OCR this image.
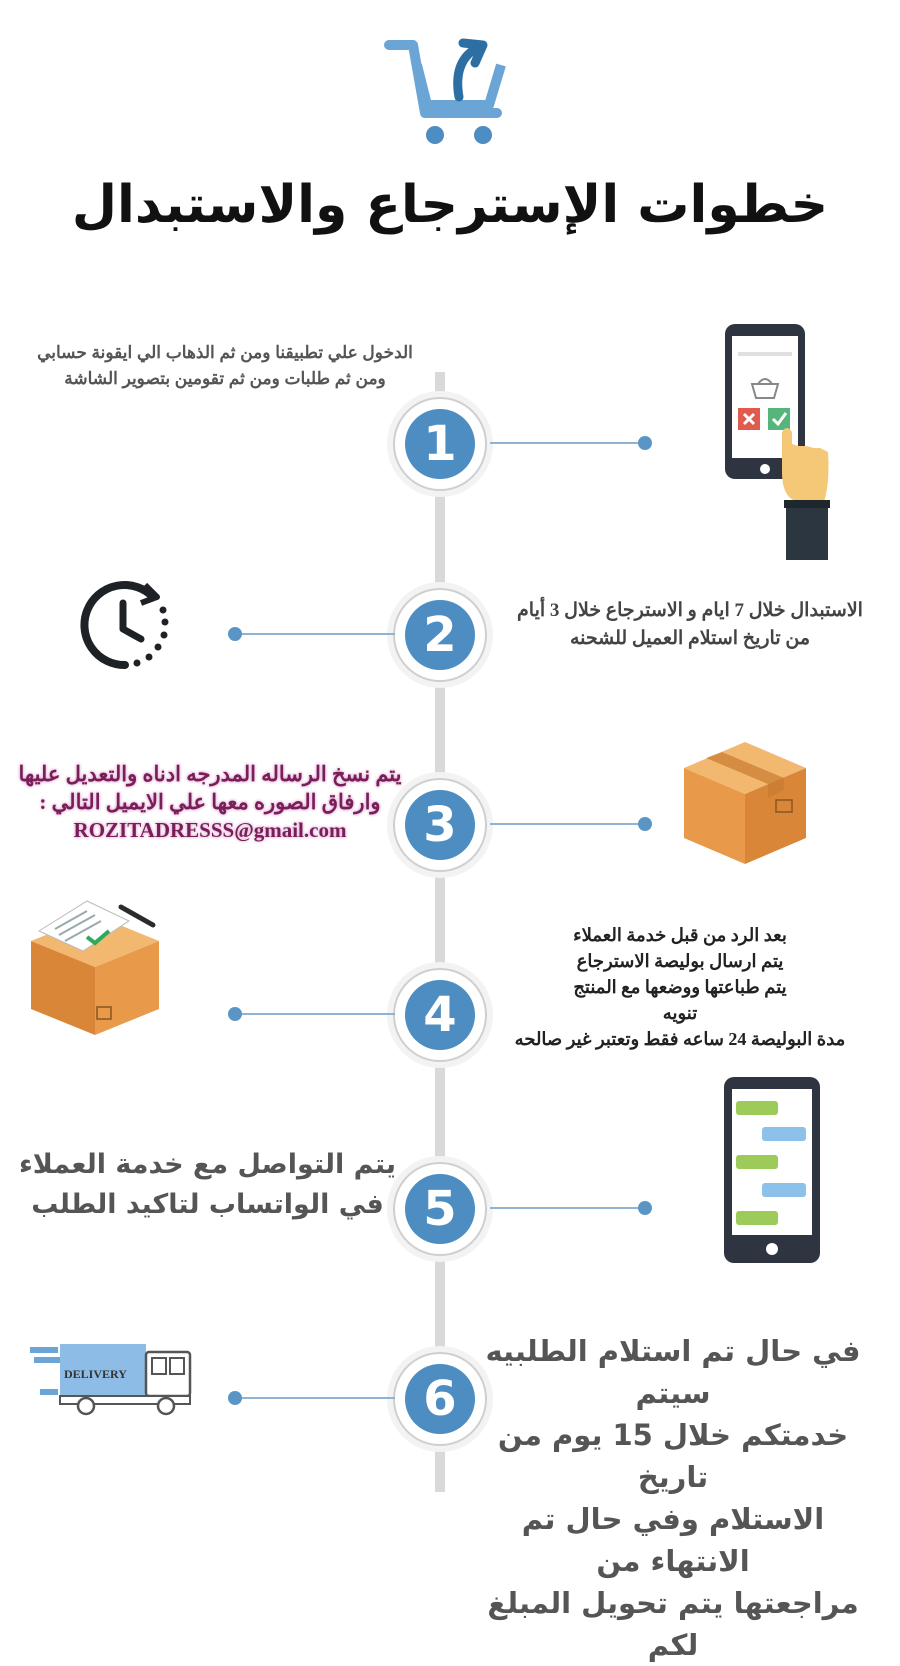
خطوات الإسترجاع والاستبدال
1
الدخول علي تطبيقنا ومن ثم الذهاب الي ايقونة حسابي
ومن ثم طلبات ومن ثم تقومين بتصوير الشاشة
2	الاستبدال خلال 7 ايام و الاسترجاع خلال 3 أيام
من تاريخ استلام العميل للشحنه
3
يتم نسخ الرساله المدرجه ادناه والتعديل عليها
وارفاق الصوره معها علي الايميل التالي :
ROZITADRESSS@gmail.com
4
بعد الرد من قبل خدمة العملاء
يتم ارسال بوليصة الاسترجاع
يتم طباعتها ووضعها مع المنتج
تنويه
مدة البوليصة 24 ساعه فقط وتعتبر غير صالحه
5
يتم التواصل مع خدمة العملاء
في الواتساب لتاكيد الطلب
6
في حال تم استلام الطلبيه سيتم
خدمتكم خلال 15 يوم من تاريخ
الاستلام وفي حال تم الانتهاء من
مراجعتها يتم تحويل المبلغ لكم
DELIVERY
